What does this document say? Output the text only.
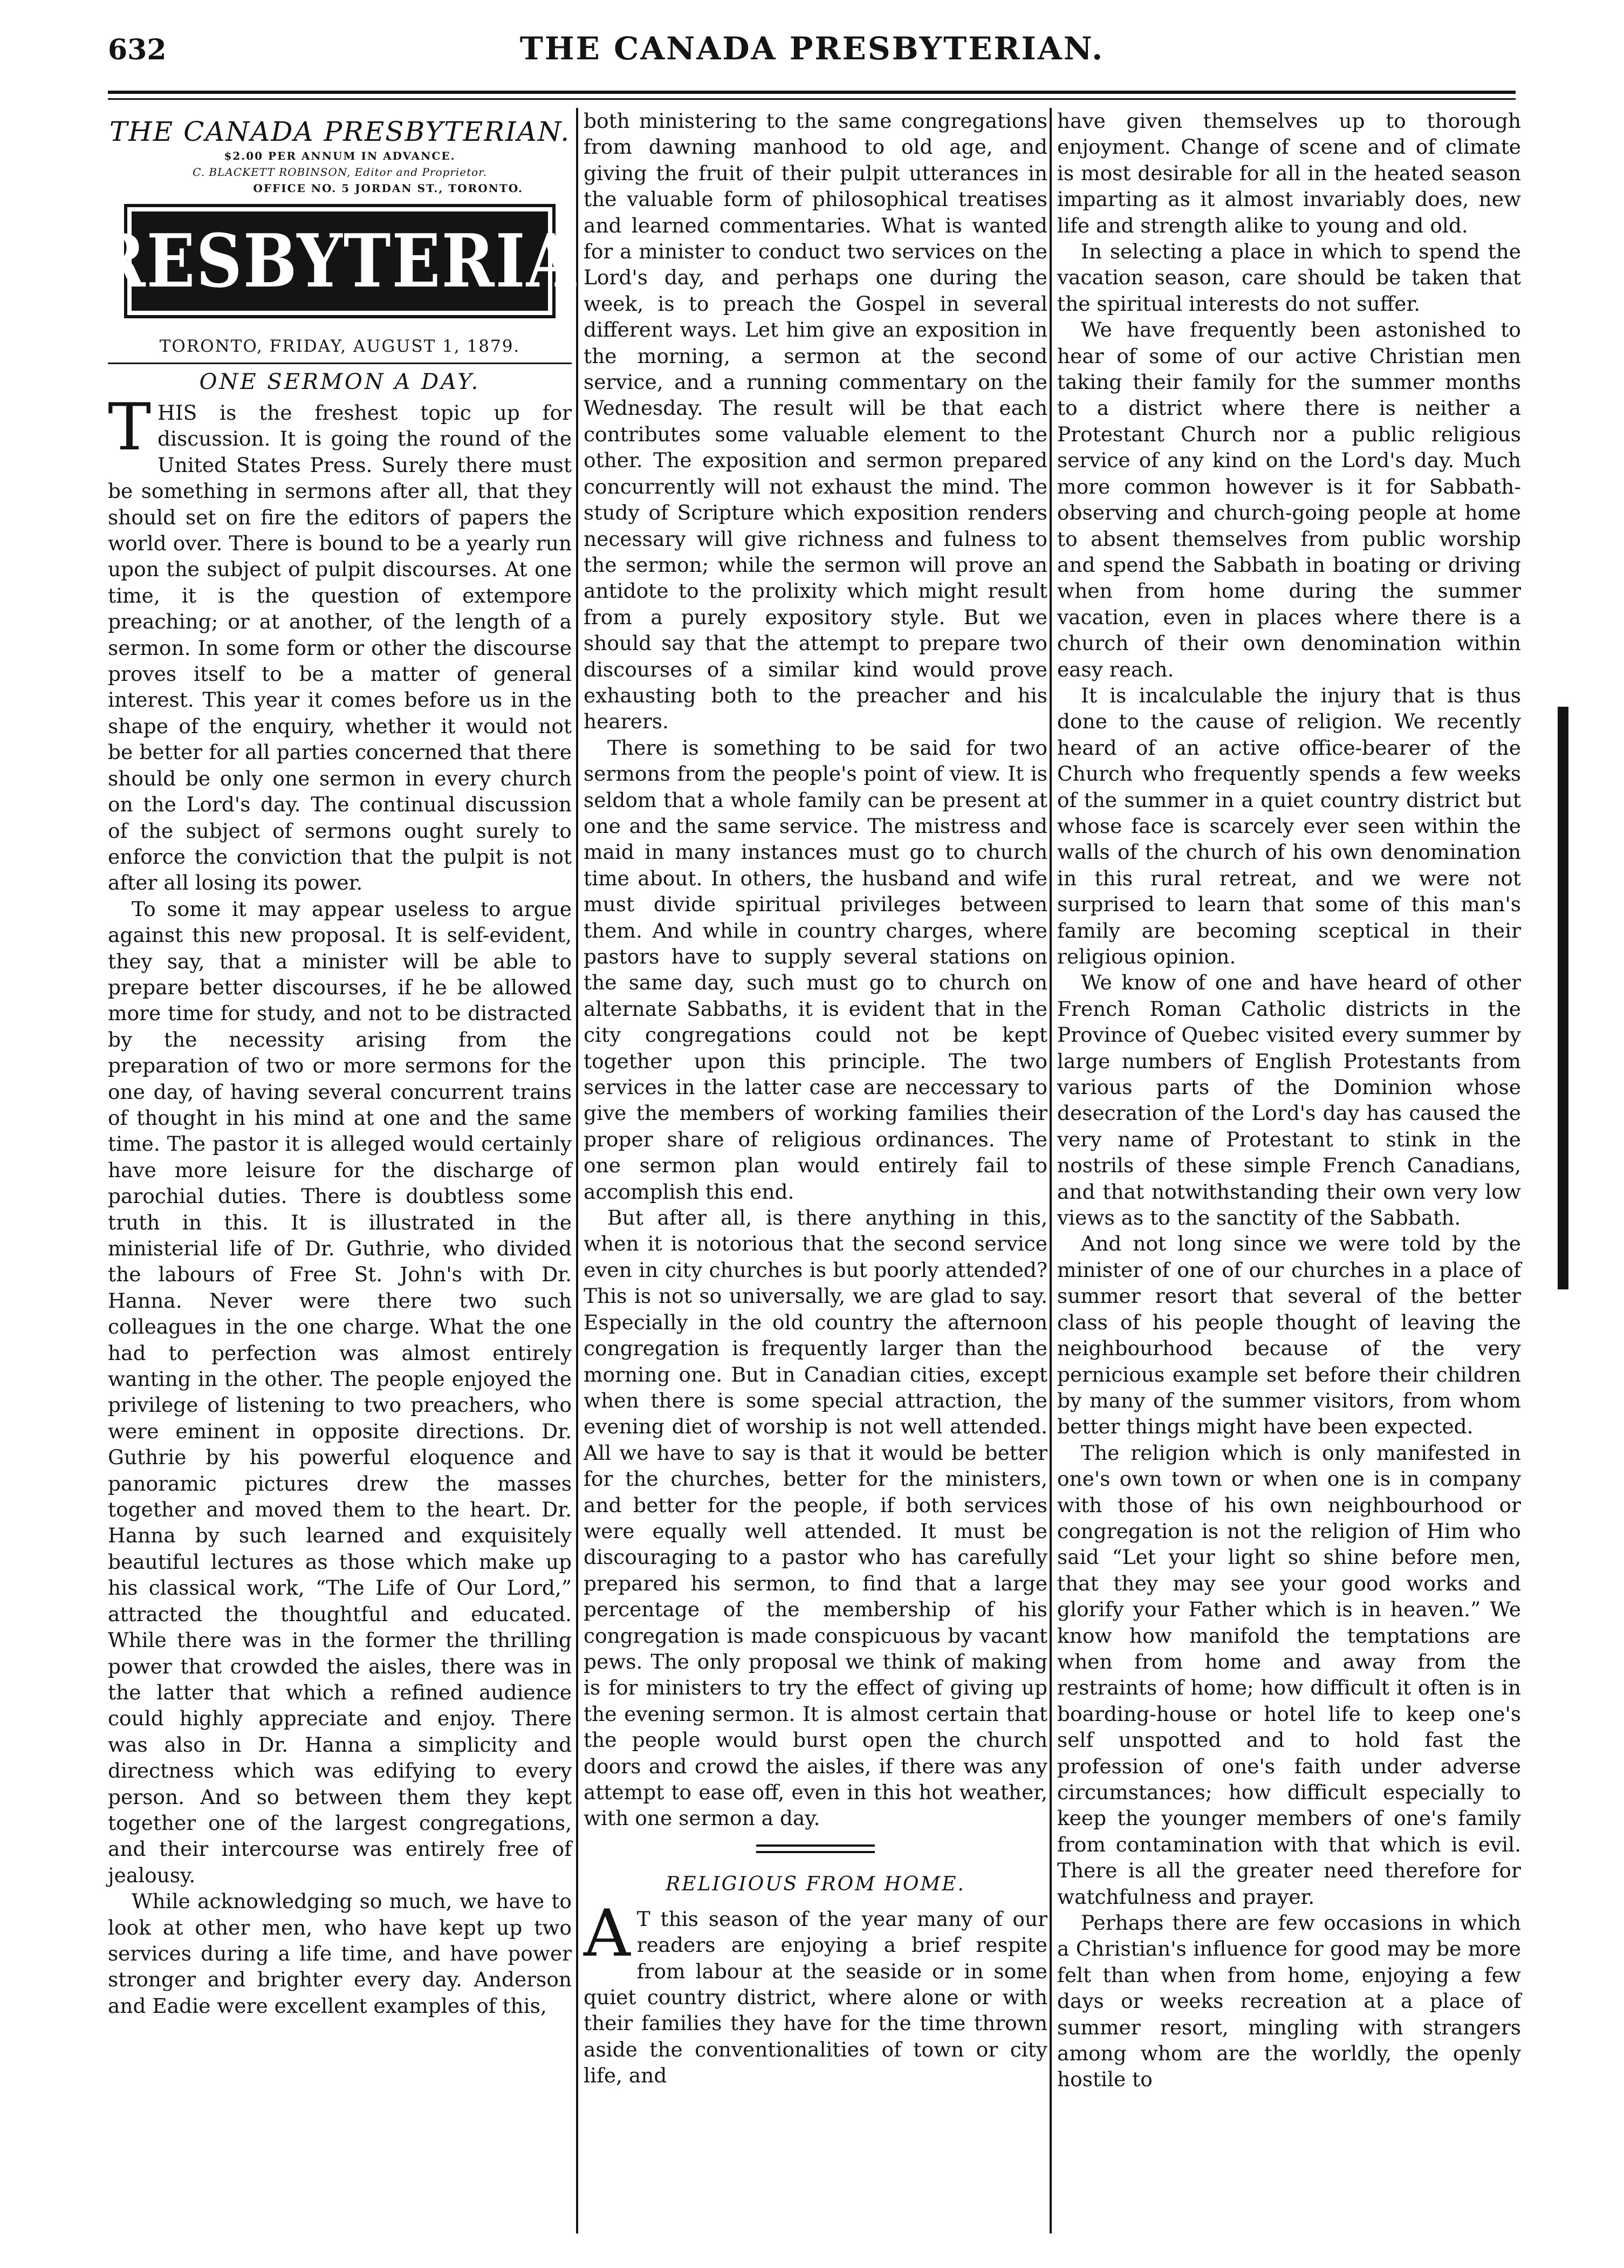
632	THE CANADA PRESBYTERIAN.
THE CANADA PRESBYTERIAN.
$2.00 PER ANNUM IN ADVANCE.
C. BLACKETT ROBINSON, Editor and Proprietor.
OFFICE NO. 5 JORDAN ST., TORONTO.
PRESBYTERIAN
TORONTO, FRIDAY, AUGUST 1, 1879.
ONE SERMON A DAY.

THIS is the freshest topic up for discussion. It is going the round of the United States Press. Surely there must be something in sermons after all, that they should set on fire the editors of papers the world over. There is bound to be a yearly run upon the subject of pulpit discourses. At one time, it is the question of extempore preaching; or at another, of the length of a sermon. In some form or other the discourse proves itself to be a matter of general interest. This year it comes before us in the shape of the enquiry, whether it would not be better for all parties concerned that there should be only one sermon in every church on the Lord's day. The continual discussion of the subject of sermons ought surely to enforce the conviction that the pulpit is not after all losing its power.

To some it may appear useless to argue against this new proposal. It is self-evident, they say, that a minister will be able to prepare better discourses, if he be allowed more time for study, and not to be distracted by the necessity arising from the preparation of two or more sermons for the one day, of having several concurrent trains of thought in his mind at one and the same time. The pastor it is alleged would certainly have more leisure for the discharge of parochial duties. There is doubtless some truth in this. It is illustrated in the ministerial life of Dr. Guthrie, who divided the labours of Free St. John's with Dr. Hanna. Never were there two such colleagues in the one charge. What the one had to perfection was almost entirely wanting in the other. The people enjoyed the privilege of listening to two preachers, who were eminent in opposite directions. Dr. Guthrie by his powerful eloquence and panoramic pictures drew the masses together and moved them to the heart. Dr. Hanna by such learned and exquisitely beautiful lectures as those which make up his classical work, “The Life of Our Lord,” attracted the thoughtful and educated. While there was in the former the thrilling power that crowded the aisles, there was in the latter that which a refined audience could highly appreciate and enjoy. There was also in Dr. Hanna a simplicity and directness which was edifying to every person. And so between them they kept together one of the largest congregations, and their intercourse was entirely free of jealousy.

While acknowledging so much, we have to look at other men, who have kept up two services during a life time, and have power stronger and brighter every day. Anderson and Eadie were excellent examples of this,

both ministering to the same congregations from dawning manhood to old age, and giving the fruit of their pulpit utterances in the valuable form of philosophical treatises and learned commentaries. What is wanted for a minister to conduct two services on the Lord's day, and perhaps one during the week, is to preach the Gospel in several different ways. Let him give an exposition in the morning, a sermon at the second service, and a running commentary on the Wednesday. The result will be that each contributes some valuable element to the other. The exposition and sermon prepared concurrently will not exhaust the mind. The study of Scripture which exposition renders necessary will give richness and fulness to the sermon; while the sermon will prove an antidote to the prolixity which might result from a purely expository style. But we should say that the attempt to prepare two discourses of a similar kind would prove exhausting both to the preacher and his hearers.

There is something to be said for two sermons from the people's point of view. It is seldom that a whole family can be present at one and the same service. The mistress and maid in many instances must go to church time about. In others, the husband and wife must divide spiritual privileges between them. And while in country charges, where pastors have to supply several stations on the same day, such must go to church on alternate Sabbaths, it is evident that in the city congregations could not be kept together upon this principle. The two services in the latter case are neccessary to give the members of working families their proper share of religious ordinances. The one sermon plan would entirely fail to accomplish this end.

But after all, is there anything in this, when it is notorious that the second service even in city churches is but poorly attended? This is not so universally, we are glad to say. Especially in the old country the afternoon congregation is frequently larger than the morning one. But in Canadian cities, except when there is some special attraction, the evening diet of worship is not well attended. All we have to say is that it would be better for the churches, better for the ministers, and better for the people, if both services were equally well attended. It must be discouraging to a pastor who has carefully prepared his sermon, to find that a large percentage of the membership of his congregation is made conspicuous by vacant pews. The only proposal we think of making is for ministers to try the effect of giving up the evening sermon. It is almost certain that the people would burst open the church doors and crowd the aisles, if there was any attempt to ease off, even in this hot weather, with one sermon a day.

RELIGIOUS FROM HOME.

A T this season of the year many of our readers are enjoying a brief respite from labour at the seaside or in some quiet country district, where alone or with their families they have for the time thrown aside the conventionalities of town or city life, and

have given themselves up to thorough enjoyment. Change of scene and of climate is most desirable for all in the heated season imparting as it almost invariably does, new life and strength alike to young and old.

In selecting a place in which to spend the vacation season, care should be taken that the spiritual interests do not suffer.

We have frequently been astonished to hear of some of our active Christian men taking their family for the summer months to a district where there is neither a Protestant Church nor a public religious service of any kind on the Lord's day. Much more common however is it for Sabbath-observing and church-going people at home to absent themselves from public worship and spend the Sabbath in boating or driving when from home during the summer vacation, even in places where there is a church of their own denomination within easy reach.

It is incalculable the injury that is thus done to the cause of religion. We recently heard of an active office-bearer of the Church who frequently spends a few weeks of the summer in a quiet country district but whose face is scarcely ever seen within the walls of the church of his own denomination in this rural retreat, and we were not surprised to learn that some of this man's family are becoming sceptical in their religious opinion.

We know of one and have heard of other French Roman Catholic districts in the Province of Quebec visited every summer by large numbers of English Protestants from various parts of the Dominion whose desecration of the Lord's day has caused the very name of Protestant to stink in the nostrils of these simple French Canadians, and that notwithstanding their own very low views as to the sanctity of the Sabbath.

And not long since we were told by the minister of one of our churches in a place of summer resort that several of the better class of his people thought of leaving the neighbourhood because of the very pernicious example set before their children by many of the summer visitors, from whom better things might have been expected.

The religion which is only manifested in one's own town or when one is in company with those of his own neighbourhood or congregation is not the religion of Him who said “Let your light so shine before men, that they may see your good works and glorify your Father which is in heaven.” We know how manifold the temptations are when from home and away from the restraints of home; how difficult it often is in boarding-house or hotel life to keep one's self unspotted and to hold fast the profession of one's faith under adverse circumstances; how difficult especially to keep the younger members of one's family from contamination with that which is evil. There is all the greater need therefore for watchfulness and prayer.

Perhaps there are few occasions in which a Christian's influence for good may be more felt than when from home, enjoying a few days or weeks recreation at a place of summer resort, mingling with strangers among whom are the worldly, the openly hostile to
